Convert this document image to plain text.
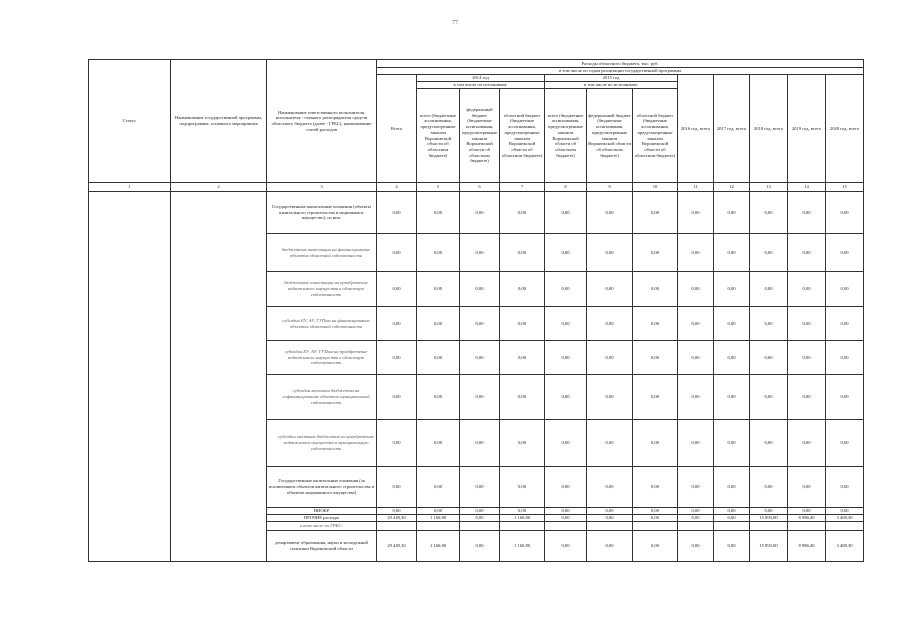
77
Статус	Наименование государственной программы, подпрограммы, основного мероприятия	Наименование ответственного исполнителя, исполнителя - главного распорядителя средств областного бюджета (далее - ГРБС), наименование статей расходов	Расходы областного бюджета, тыс. руб.											
			в том числе по годам реализации государственной программы											
			Всего	2014 год			2015 год			2016 год, всего	2017 год, всего	2018 год, всего	2019 год, всего	2020 год, всего
				в том числе по источникам:			в том числе по источникам:							
				всего (бюджетные ассигнования, предусмотренные законом Воронежской области об областном бюджете)	федеральный бюджет (бюджетные ассигнования, предусмотренные законом Воронежской области об областном бюджете)	областной бюджет (бюджетные ассигнования, предусмотренные законом Воронежской области об областном бюджете)	всего (бюджетные ассигнования, предусмотренные законом Воронежской области об областном бюджете)	федеральный бюджет (бюджетные ассигнования, предусмотренные законом Воронежской области об областном бюджете)	областной бюджет (бюджетные ассигнования, предусмотренные законом Воронежской области об областном бюджете)					
1	2	3	4	5	6	7	8	9	10	11	12	13	14	15
		Государственные капитальные вложения (объекты капитального строительства и недвижимое имущество), из них:	0,00	0,00	0,00	0,00	0,00	0,00	0,00	0,00	0,00	0,00	0,00	0,00
		бюджетные инвестиции на финансирование объектов областной собственности	0,00	0,00	0,00	0,00	0,00	0,00	0,00	0,00	0,00	0,00	0,00	0,00
		бюджетные инвестиции на приобретение недвижимого имущества в областную собственность	0,00	0,00	0,00	0,00	0,00	0,00	0,00	0,00	0,00	0,00	0,00	0,00
		субсидии БУ, АУ, ГУПам на финансирование объектов областной собственности	0,00	0,00	0,00	0,00	0,00	0,00	0,00	0,00	0,00	0,00	0,00	0,00
		субсидии БУ, АУ, ГУПам на приобретение недвижимого имущества в областную собственность	0,00	0,00	0,00	0,00	0,00	0,00	0,00	0,00	0,00	0,00	0,00	0,00
		субсидии местным бюджетам на софинансирование объектов муниципальной собственности	0,00	0,00	0,00	0,00	0,00	0,00	0,00	0,00	0,00	0,00	0,00	0,00
		субсидии местным бюджетам на приобретение недвижимого имущества в муниципальную собственность	0,00	0,00	0,00	0,00	0,00	0,00	0,00	0,00	0,00	0,00	0,00	0,00
		Государственные капитальные вложения (за исключением объектов капитального строительства и объектов недвижимого имущества)	0,00	0,00	0,00	0,00	0,00	0,00	0,00	0,00	0,00	0,00	0,00	0,00
		НИОКР	0,00	0,00	0,00	0,00	0,00	0,00	0,00	0,00	0,00	0,00	0,00	0,00
		ПРОЧИЕ расходы	29 449,30	1 160,80	0,00	1 160,80	0,00	0,00	0,00	0,00	0,00	15 893,80	8 986,40	3 408,30
		в том числе по ГРБС:												
		департамент образования, науки и молодежной политики Воронежской области	29 449,30	1 160,80	0,00	1 160,80	0,00	0,00	0,00	0,00	0,00	15 893,80	8 986,40	3 408,30
